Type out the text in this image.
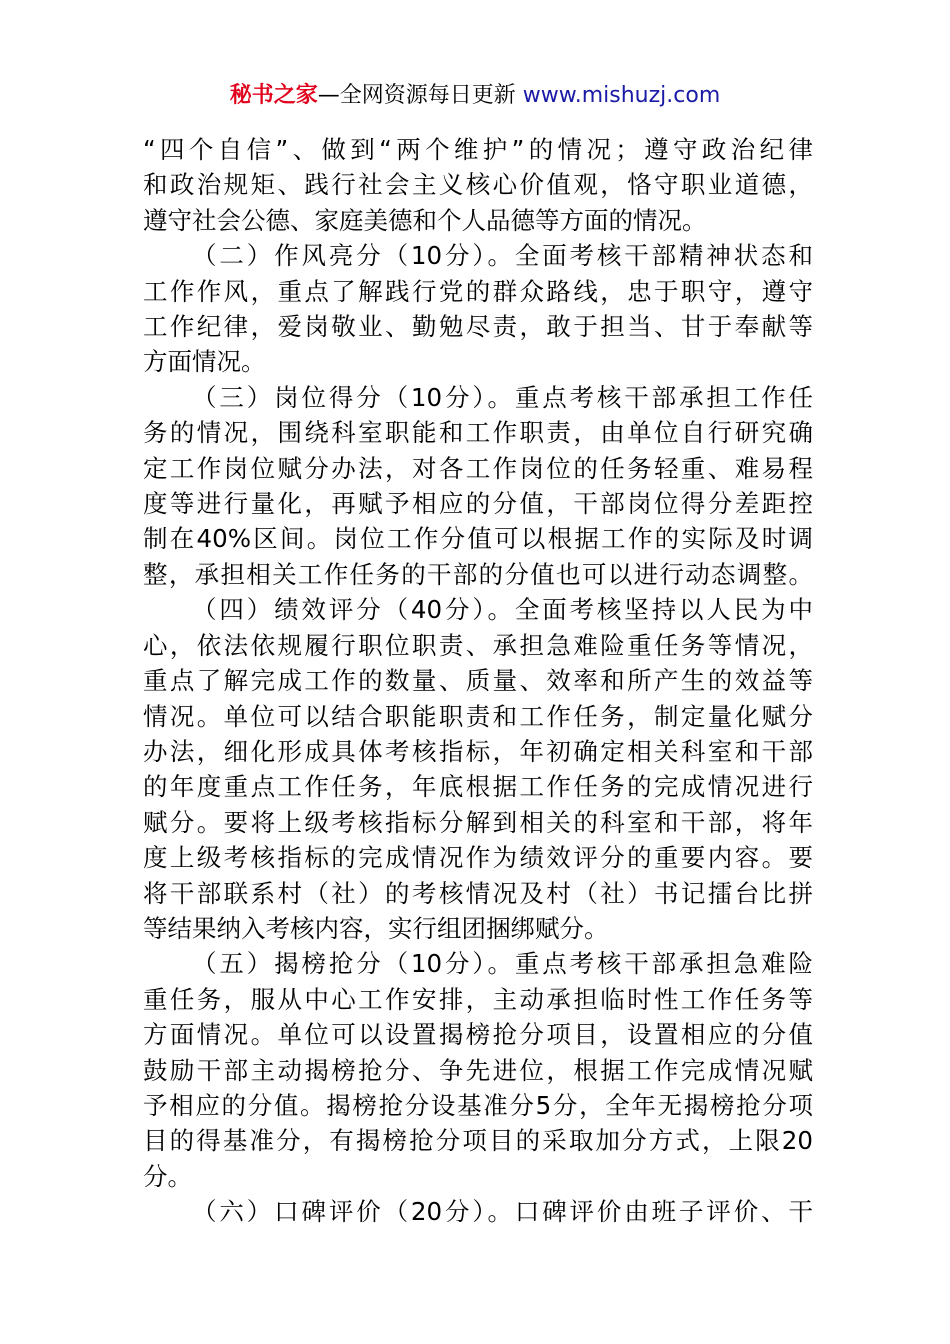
秘书之家—全网资源每日更新 www.mishuzj.com
“四个自信”、做到“两个维护”的情况；遵守政治纪律
和政治规矩、践行社会主义核心价值观，恪守职业道德，
遵守社会公德、家庭美德和个人品德等方面的情况。
（二）作风亮分（10分）。全面考核干部精神状态和
工作作风，重点了解践行党的群众路线，忠于职守，遵守
工作纪律，爱岗敬业、勤勉尽责，敢于担当、甘于奉献等
方面情况。
（三）岗位得分（10分）。重点考核干部承担工作任
务的情况，围绕科室职能和工作职责，由单位自行研究确
定工作岗位赋分办法，对各工作岗位的任务轻重、难易程
度等进行量化，再赋予相应的分值，干部岗位得分差距控
制在40%区间。岗位工作分值可以根据工作的实际及时调
整，承担相关工作任务的干部的分值也可以进行动态调整。
（四）绩效评分（40分）。全面考核坚持以人民为中
心，依法依规履行职位职责、承担急难险重任务等情况，
重点了解完成工作的数量、质量、效率和所产生的效益等
情况。单位可以结合职能职责和工作任务，制定量化赋分
办法，细化形成具体考核指标，年初确定相关科室和干部
的年度重点工作任务，年底根据工作任务的完成情况进行
赋分。要将上级考核指标分解到相关的科室和干部，将年
度上级考核指标的完成情况作为绩效评分的重要内容。要
将干部联系村（社）的考核情况及村（社）书记擂台比拼
等结果纳入考核内容，实行组团捆绑赋分。
（五）揭榜抢分（10分）。重点考核干部承担急难险
重任务，服从中心工作安排，主动承担临时性工作任务等
方面情况。单位可以设置揭榜抢分项目，设置相应的分值
鼓励干部主动揭榜抢分、争先进位，根据工作完成情况赋
予相应的分值。揭榜抢分设基准分5分，全年无揭榜抢分项
目的得基准分，有揭榜抢分项目的采取加分方式，上限20
分。
（六）口碑评价（20分）。口碑评价由班子评价、干
